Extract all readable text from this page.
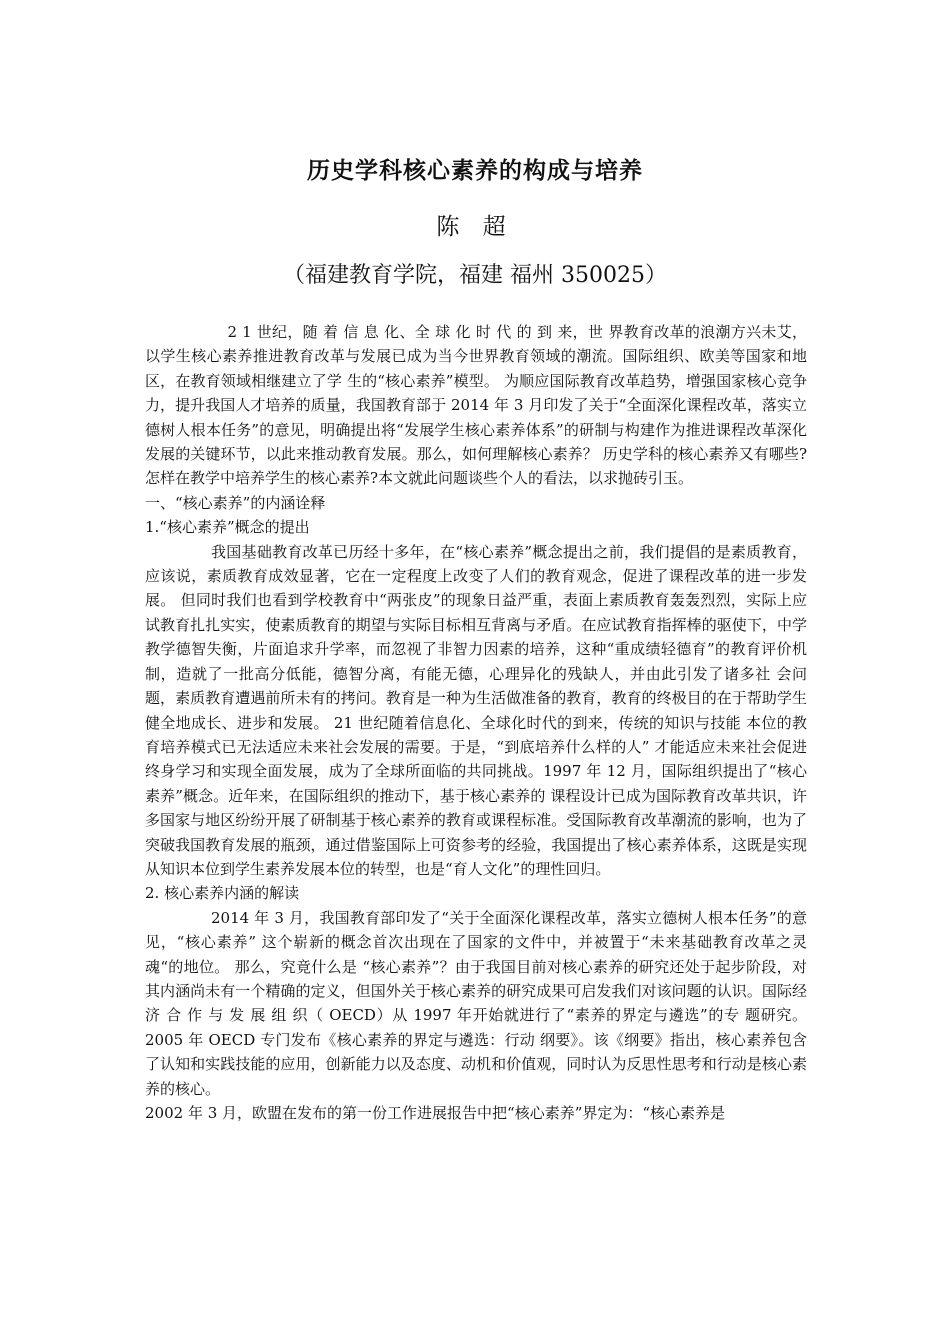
历史学科核心素养的构成与培养
陈 超
（福建教育学院，福建 福州 350025）

2 1 世纪，随 着 信 息 化、全 球 化 时 代 的 到 来，世 界教育改革的浪潮方兴未艾，以学生核心素养推进教育改革与发展已成为当今世界教育领域的潮流。国际组织、欧美等国家和地区，在教育领域相继建立了学 生的“核心素养”模型。 为顺应国际教育改革趋势，增强国家核心竞争力，提升我国人才培养的质量，我国教育部于 2014 年 3 月印发了关于“全面深化课程改革，落实立德树人根本任务”的意见，明确提出将“发展学生核心素养体系”的研制与构建作为推进课程改革深化发展的关键环节，以此来推动教育发展。那么，如何理解核心素养？ 历史学科的核心素养又有哪些?怎样在教学中培养学生的核心素养?本文就此问题谈些个人的看法，以求抛砖引玉。

一、“核心素养”的内涵诠释

1.“核心素养”概念的提出

我国基础教育改革已历经十多年，在“核心素养”概念提出之前，我们提倡的是素质教育，应该说，素质教育成效显著，它在一定程度上改变了人们的教育观念，促进了课程改革的进一步发展。 但同时我们也看到学校教育中“两张皮”的现象日益严重，表面上素质教育轰轰烈烈，实际上应试教育扎扎实实，使素质教育的期望与实际目标相互背离与矛盾。在应试教育指挥棒的驱使下，中学教学德智失衡，片面追求升学率，而忽视了非智力因素的培养，这种“重成绩轻德育”的教育评价机制，造就了一批高分低能，德智分离，有能无德，心理异化的残缺人，并由此引发了诸多社 会问题，素质教育遭遇前所未有的拷问。教育是一种为生活做准备的教育，教育的终极目的在于帮助学生健全地成长、进步和发展。 21 世纪随着信息化、全球化时代的到来，传统的知识与技能 本位的教育培养模式已无法适应未来社会发展的需要。于是，“到底培养什么样的人” 才能适应未来社会促进终身学习和实现全面发展，成为了全球所面临的共同挑战。1997 年 12 月，国际组织提出了“核心素养”概念。近年来，在国际组织的推动下，基于核心素养的 课程设计已成为国际教育改革共识，许多国家与地区纷纷开展了研制基于核心素养的教育或课程标准。受国际教育改革潮流的影响，也为了突破我国教育发展的瓶颈，通过借鉴国际上可资参考的经验，我国提出了核心素养体系，这既是实现从知识本位到学生素养发展本位的转型，也是“育人文化”的理性回归。

2. 核心素养内涵的解读

2014 年 3 月，我国教育部印发了“关于全面深化课程改革，落实立德树人根本任务”的意见，“核心素养” 这个崭新的概念首次出现在了国家的文件中，并被置于“未来基础教育改革之灵魂“的地位。 那么，究竟什么是 “核心素养”？由于我国目前对核心素养的研究还处于起步阶段，对其内涵尚未有一个精确的定义，但国外关于核心素养的研究成果可启发我们对该问题的认识。国际经 济 合 作 与 发 展 组 织（ OECD）从 1997 年开始就进行了“素养的界定与遴选”的专 题研究。 2005 年 OECD 专门发布《核心素养的界定与遴选：行动 纲要》。该《纲要》指出，核心素养包含了认知和实践技能的应用，创新能力以及态度、动机和价值观，同时认为反思性思考和行动是核心素养的核心。

2002 年 3 月，欧盟在发布的第一份工作进展报告中把“核心素养”界定为：“核心素养是
